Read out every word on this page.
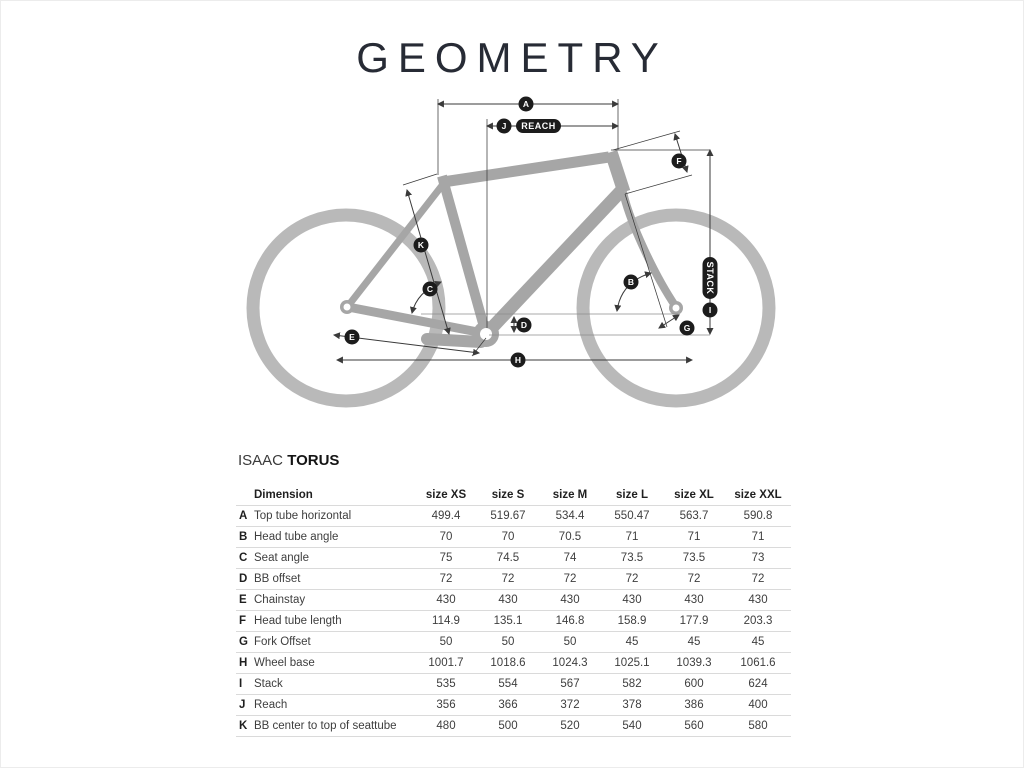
GEOMETRY
REACH
STACK
A
J
F
K
C
B
I
D	G
E
H
ISAAC TORUS
Dimension	size XS	size S	size M	size L	size XL	size XXL
A Top tube horizontal	499.4	519.67	534.4	550.47	563.7	590.8
B Head tube angle	70	70	70.5	71	71	71
C Seat angle	75	74.5	74	73.5	73.5	73
D BB offset	72	72	72	72	72	72
E Chainstay	430	430	430	430	430	430
F Head tube length	114.9	135.1	146.8	158.9	177.9	203.3
G Fork Offset	50	50	50	45	45	45
H Wheel base	1001.7	1018.6	1024.3	1025.1	1039.3	1061.6
I Stack	535	554	567	582	600	624
J Reach	356	366	372	378	386	400
K BB center to top of seattube	480	500	520	540	560	580
